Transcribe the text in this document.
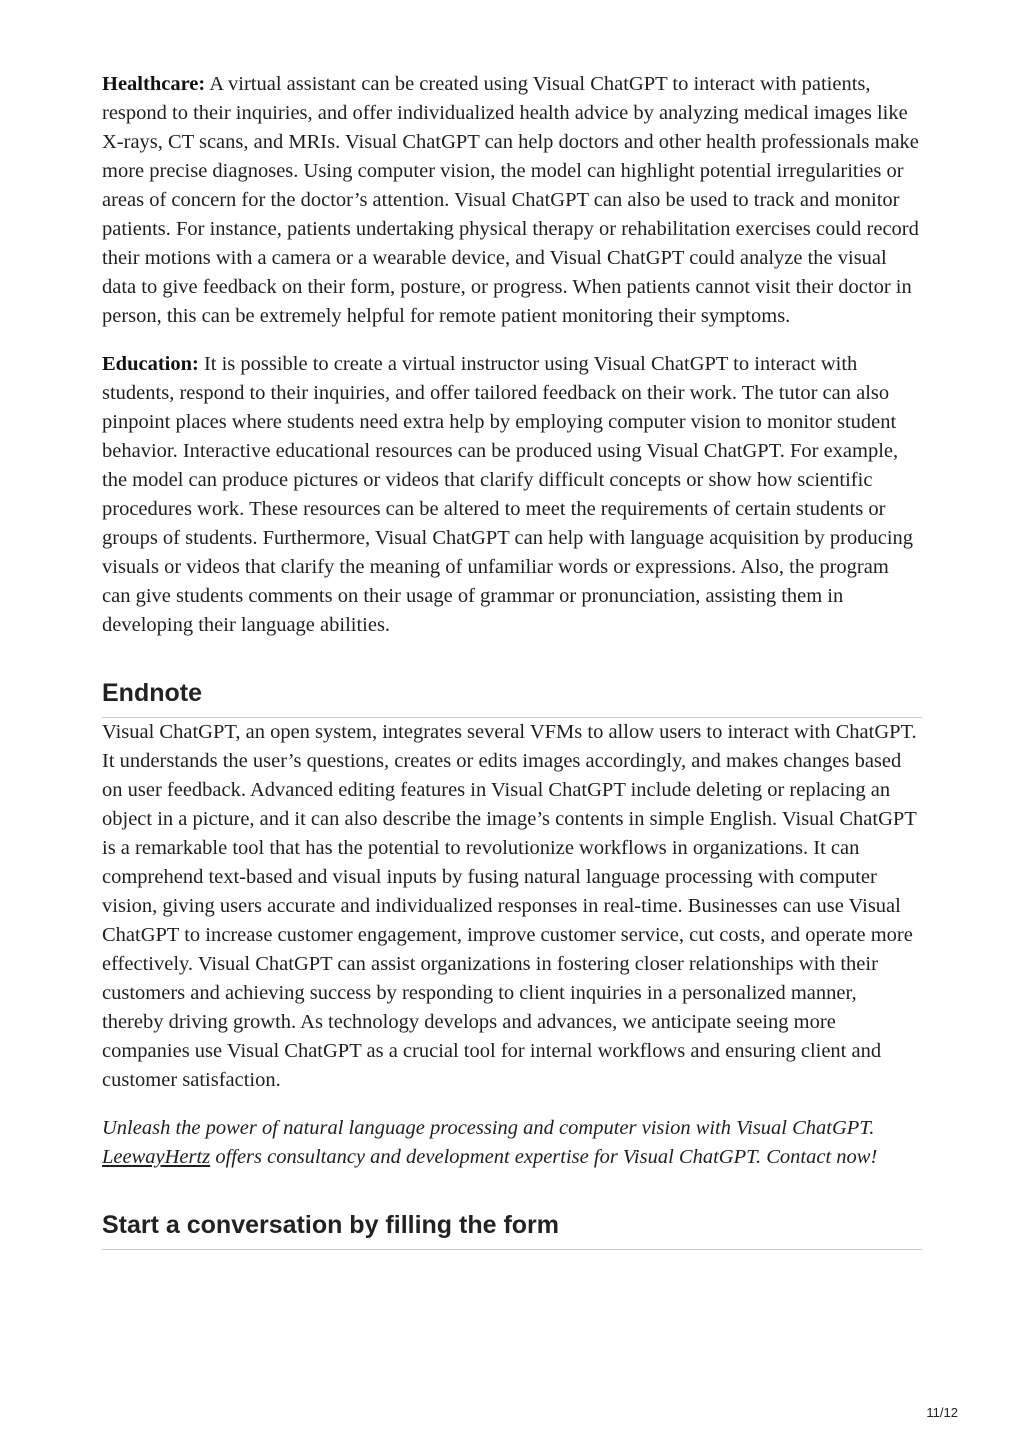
Healthcare: A virtual assistant can be created using Visual ChatGPT to interact with patients, respond to their inquiries, and offer individualized health advice by analyzing medical images like X-rays, CT scans, and MRIs. Visual ChatGPT can help doctors and other health professionals make more precise diagnoses. Using computer vision, the model can highlight potential irregularities or areas of concern for the doctor’s attention. Visual ChatGPT can also be used to track and monitor patients. For instance, patients undertaking physical therapy or rehabilitation exercises could record their motions with a camera or a wearable device, and Visual ChatGPT could analyze the visual data to give feedback on their form, posture, or progress. When patients cannot visit their doctor in person, this can be extremely helpful for remote patient monitoring their symptoms.

Education: It is possible to create a virtual instructor using Visual ChatGPT to interact with students, respond to their inquiries, and offer tailored feedback on their work. The tutor can also pinpoint places where students need extra help by employing computer vision to monitor student behavior. Interactive educational resources can be produced using Visual ChatGPT. For example, the model can produce pictures or videos that clarify difficult concepts or show how scientific procedures work. These resources can be altered to meet the requirements of certain students or groups of students. Furthermore, Visual ChatGPT can help with language acquisition by producing visuals or videos that clarify the meaning of unfamiliar words or expressions. Also, the program can give students comments on their usage of grammar or pronunciation, assisting them in developing their language abilities.

Endnote

Visual ChatGPT, an open system, integrates several VFMs to allow users to interact with ChatGPT. It understands the user’s questions, creates or edits images accordingly, and makes changes based on user feedback. Advanced editing features in Visual ChatGPT include deleting or replacing an object in a picture, and it can also describe the image’s contents in simple English. Visual ChatGPT is a remarkable tool that has the potential to revolutionize workflows in organizations. It can comprehend text-based and visual inputs by fusing natural language processing with computer vision, giving users accurate and individualized responses in real-time. Businesses can use Visual ChatGPT to increase customer engagement, improve customer service, cut costs, and operate more effectively. Visual ChatGPT can assist organizations in fostering closer relationships with their customers and achieving success by responding to client inquiries in a personalized manner, thereby driving growth. As technology develops and advances, we anticipate seeing more companies use Visual ChatGPT as a crucial tool for internal workflows and ensuring client and customer satisfaction.

Unleash the power of natural language processing and computer vision with Visual ChatGPT. LeewayHertz offers consultancy and development expertise for Visual ChatGPT. Contact now!

Start a conversation by filling the form
11/12
